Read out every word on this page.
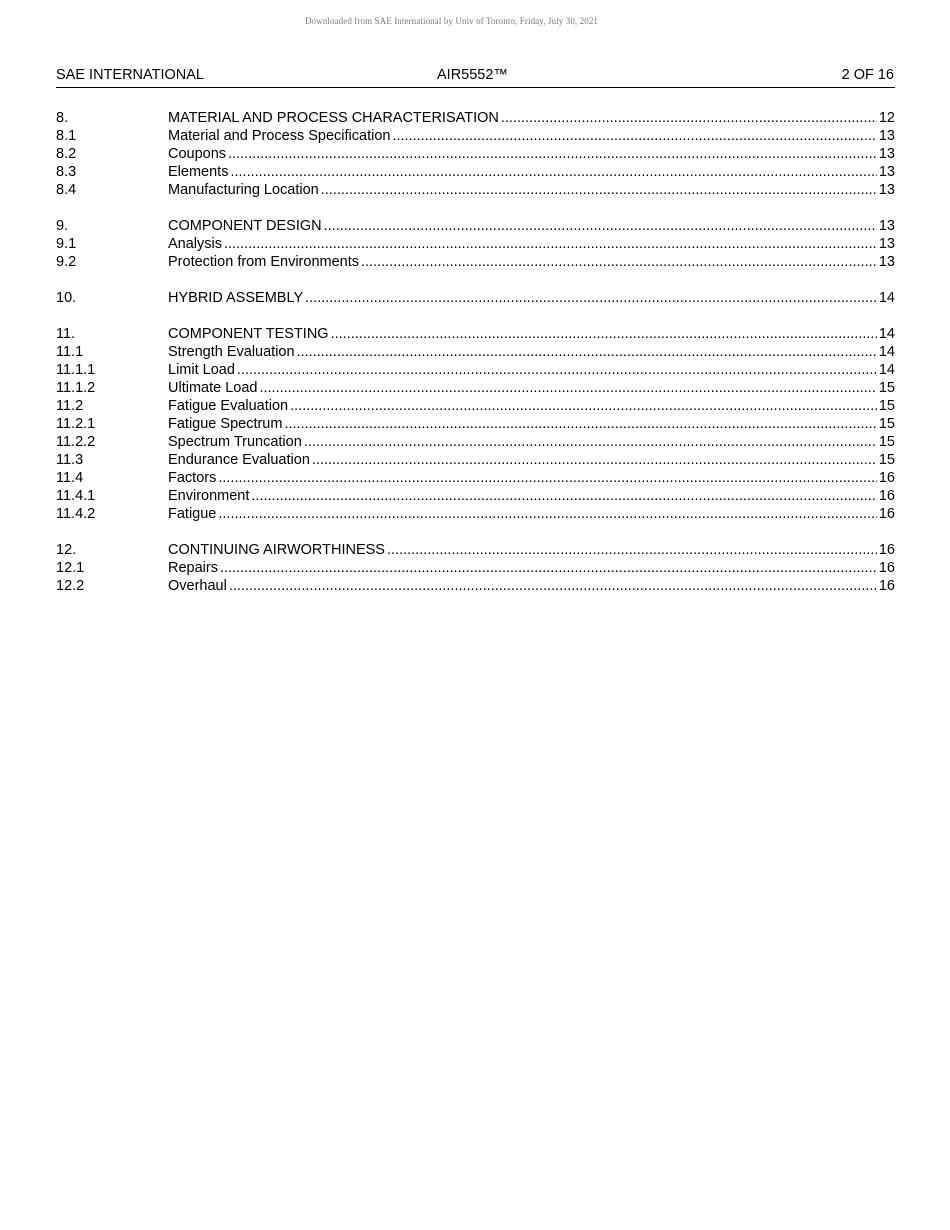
Downloaded from SAE International by Univ of Toronto, Friday, July 30, 2021
SAE INTERNATIONAL	AIR5552™	2 OF 16
8.	MATERIAL AND PROCESS CHARACTERISATION .....	12
8.1	Material and Process Specification .....	13
8.2	Coupons .....	13
8.3	Elements .....	13
8.4	Manufacturing Location .....	13
9.	COMPONENT DESIGN .....	13
9.1	Analysis .....	13
9.2	Protection from Environments .....	13
10.	HYBRID ASSEMBLY .....	14
11.	COMPONENT TESTING .....	14
11.1	Strength Evaluation .....	14
11.1.1	Limit Load .....	14
11.1.2	Ultimate Load .....	15
11.2	Fatigue Evaluation .....	15
11.2.1	Fatigue Spectrum .....	15
11.2.2	Spectrum Truncation .....	15
11.3	Endurance Evaluation .....	15
11.4	Factors .....	16
11.4.1	Environment .....	16
11.4.2	Fatigue .....	16
12.	CONTINUING AIRWORTHINESS .....	16
12.1	Repairs .....	16
12.2	Overhaul .....	16
